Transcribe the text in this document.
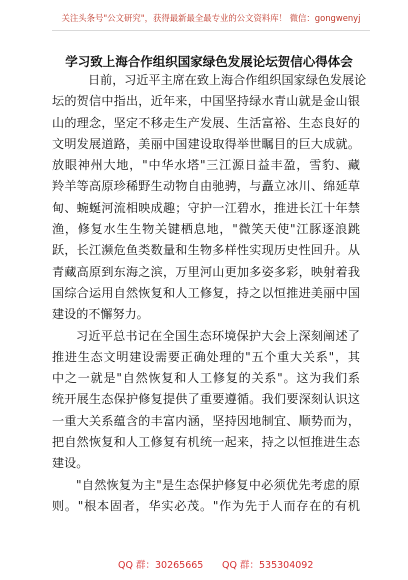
关注头条号"公文研究"，获得最新最全最专业的公文资料库！ 微信：gongwenyj
学习致上海合作组织国家绿色发展论坛贺信心得体会
日前，习近平主席在致上海合作组织国家绿色发展论
坛的贺信中指出，近年来，中国坚持绿水青山就是金山银
山的理念，坚定不移走生产发展、生活富裕、生态良好的
文明发展道路，美丽中国建设取得举世瞩目的巨大成就。
放眼神州大地，"中华水塔"三江源日益丰盈，雪豹、藏
羚羊等高原珍稀野生动物自由驰骋，与矗立冰川、绵延草
甸、蜿蜒河流相映成趣；守护一江碧水，推进长江十年禁
渔，修复水生生物关键栖息地，"微笑天使"江豚逐浪跳
跃，长江濒危鱼类数量和生物多样性实现历史性回升。从
青藏高原到东海之滨，万里河山更加多姿多彩，映射着我
国综合运用自然恢复和人工修复，持之以恒推进美丽中国
建设的不懈努力。
习近平总书记在全国生态环境保护大会上深刻阐述了
推进生态文明建设需要正确处理的"五个重大关系"，其
中之一就是"自然恢复和人工修复的关系"。这为我们系
统开展生态保护修复提供了重要遵循。我们要深刻认识这
一重大关系蕴含的丰富内涵，坚持因地制宜、顺势而为，
把自然恢复和人工修复有机统一起来，持之以恒推进生态
建设。
"自然恢复为主"是生态保护修复中必须优先考虑的原
则。"根本固者，华实必茂。"作为先于人而存在的有机
QQ 群：30265665 QQ 群：535304092
